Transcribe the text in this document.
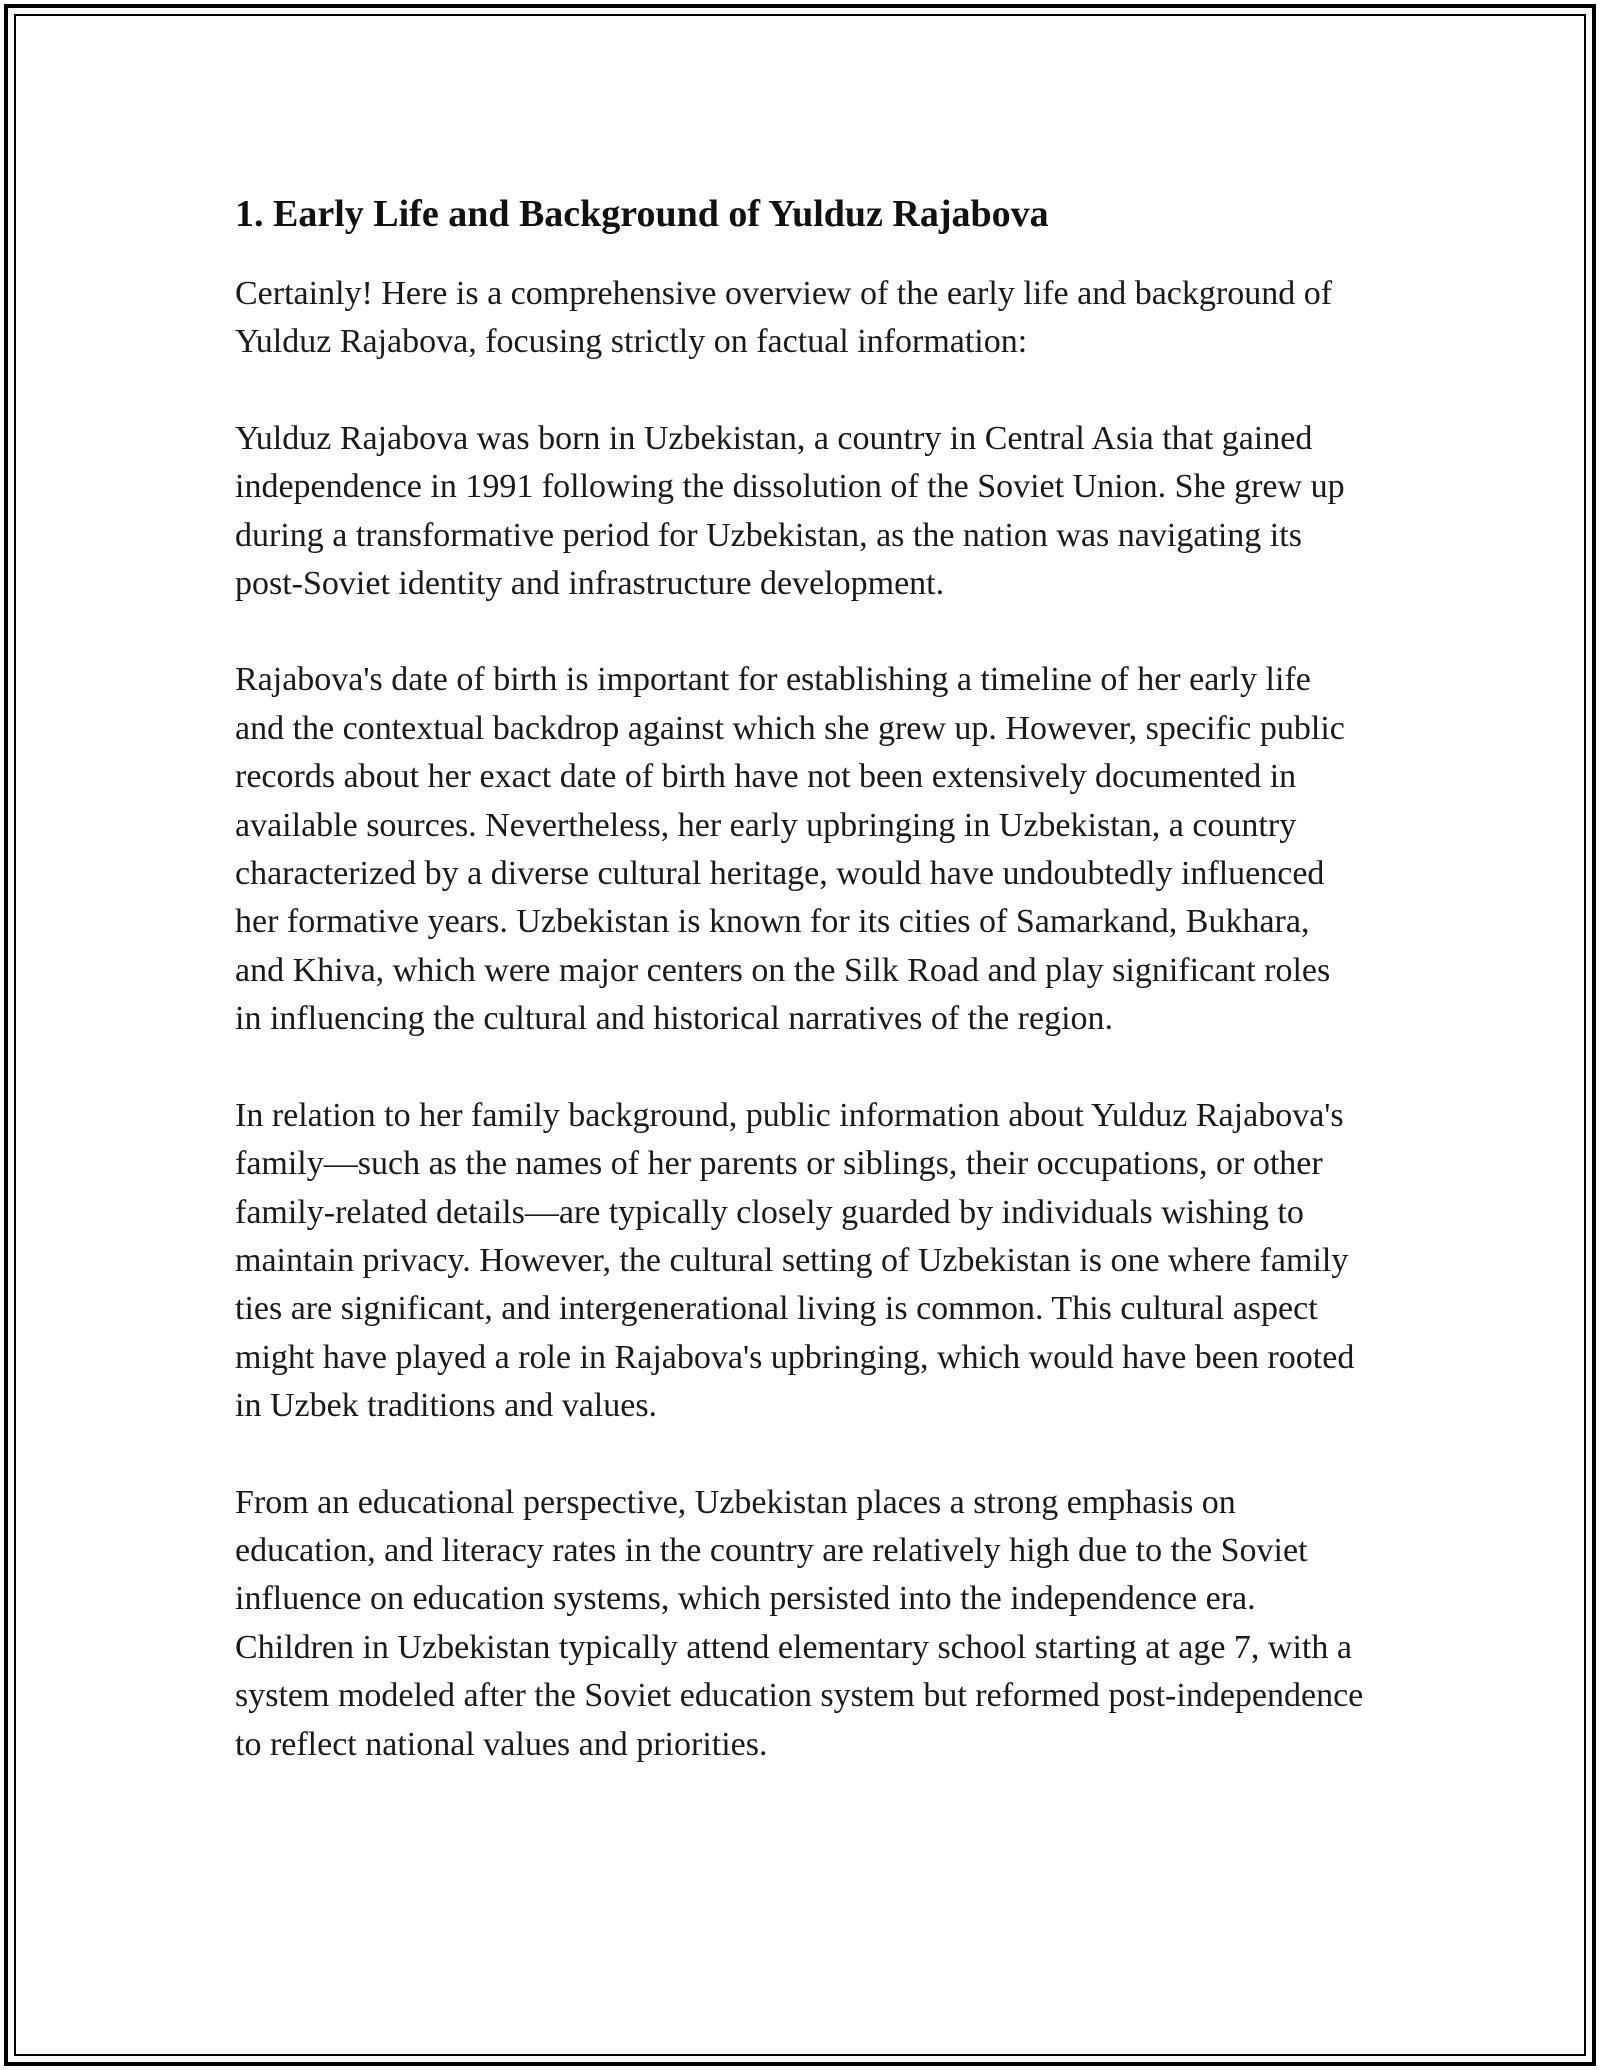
1. Early Life and Background of Yulduz Rajabova

Certainly! Here is a comprehensive overview of the early life and background of Yulduz Rajabova, focusing strictly on factual information:

Yulduz Rajabova was born in Uzbekistan, a country in Central Asia that gained independence in 1991 following the dissolution of the Soviet Union. She grew up during a transformative period for Uzbekistan, as the nation was navigating its post-Soviet identity and infrastructure development.

Rajabova's date of birth is important for establishing a timeline of her early life and the contextual backdrop against which she grew up. However, specific public records about her exact date of birth have not been extensively documented in available sources. Nevertheless, her early upbringing in Uzbekistan, a country characterized by a diverse cultural heritage, would have undoubtedly influenced her formative years. Uzbekistan is known for its cities of Samarkand, Bukhara, and Khiva, which were major centers on the Silk Road and play significant roles in influencing the cultural and historical narratives of the region.

In relation to her family background, public information about Yulduz Rajabova's family—such as the names of her parents or siblings, their occupations, or other family-related details—are typically closely guarded by individuals wishing to maintain privacy. However, the cultural setting of Uzbekistan is one where family ties are significant, and intergenerational living is common. This cultural aspect might have played a role in Rajabova's upbringing, which would have been rooted in Uzbek traditions and values.

From an educational perspective, Uzbekistan places a strong emphasis on education, and literacy rates in the country are relatively high due to the Soviet influence on education systems, which persisted into the independence era. Children in Uzbekistan typically attend elementary school starting at age 7, with a system modeled after the Soviet education system but reformed post-independence to reflect national values and priorities.
